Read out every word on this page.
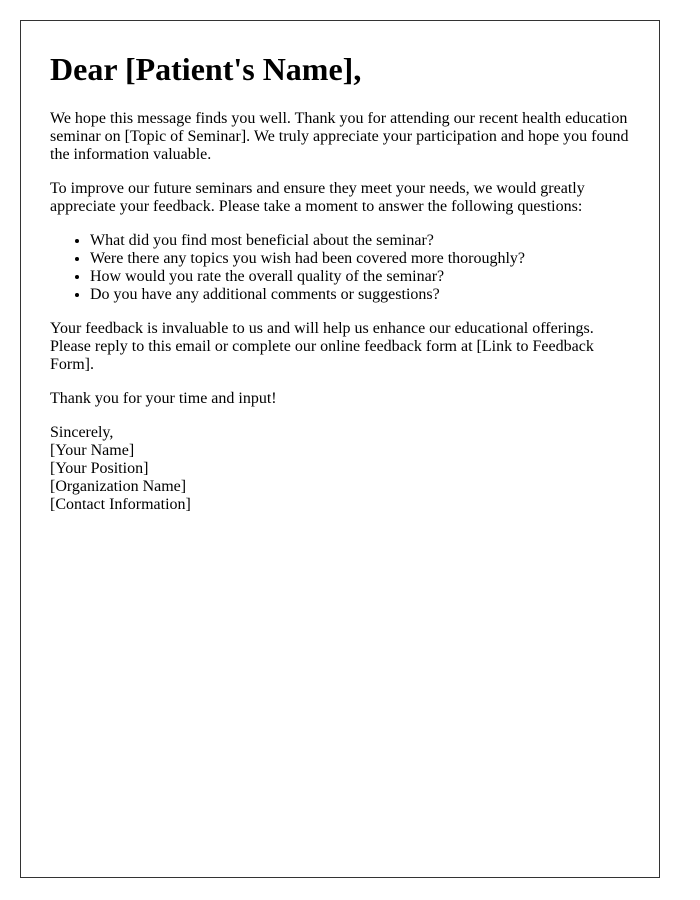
Dear [Patient's Name],

We hope this message finds you well. Thank you for attending our recent health education seminar on [Topic of Seminar]. We truly appreciate your participation and hope you found the information valuable.

To improve our future seminars and ensure they meet your needs, we would greatly appreciate your feedback. Please take a moment to answer the following questions:

• What did you find most beneficial about the seminar?
• Were there any topics you wish had been covered more thoroughly?
• How would you rate the overall quality of the seminar?
• Do you have any additional comments or suggestions?

Your feedback is invaluable to us and will help us enhance our educational offerings. Please reply to this email or complete our online feedback form at [Link to Feedback Form].

Thank you for your time and input!

Sincerely,
[Your Name]
[Your Position]
[Organization Name]
[Contact Information]
